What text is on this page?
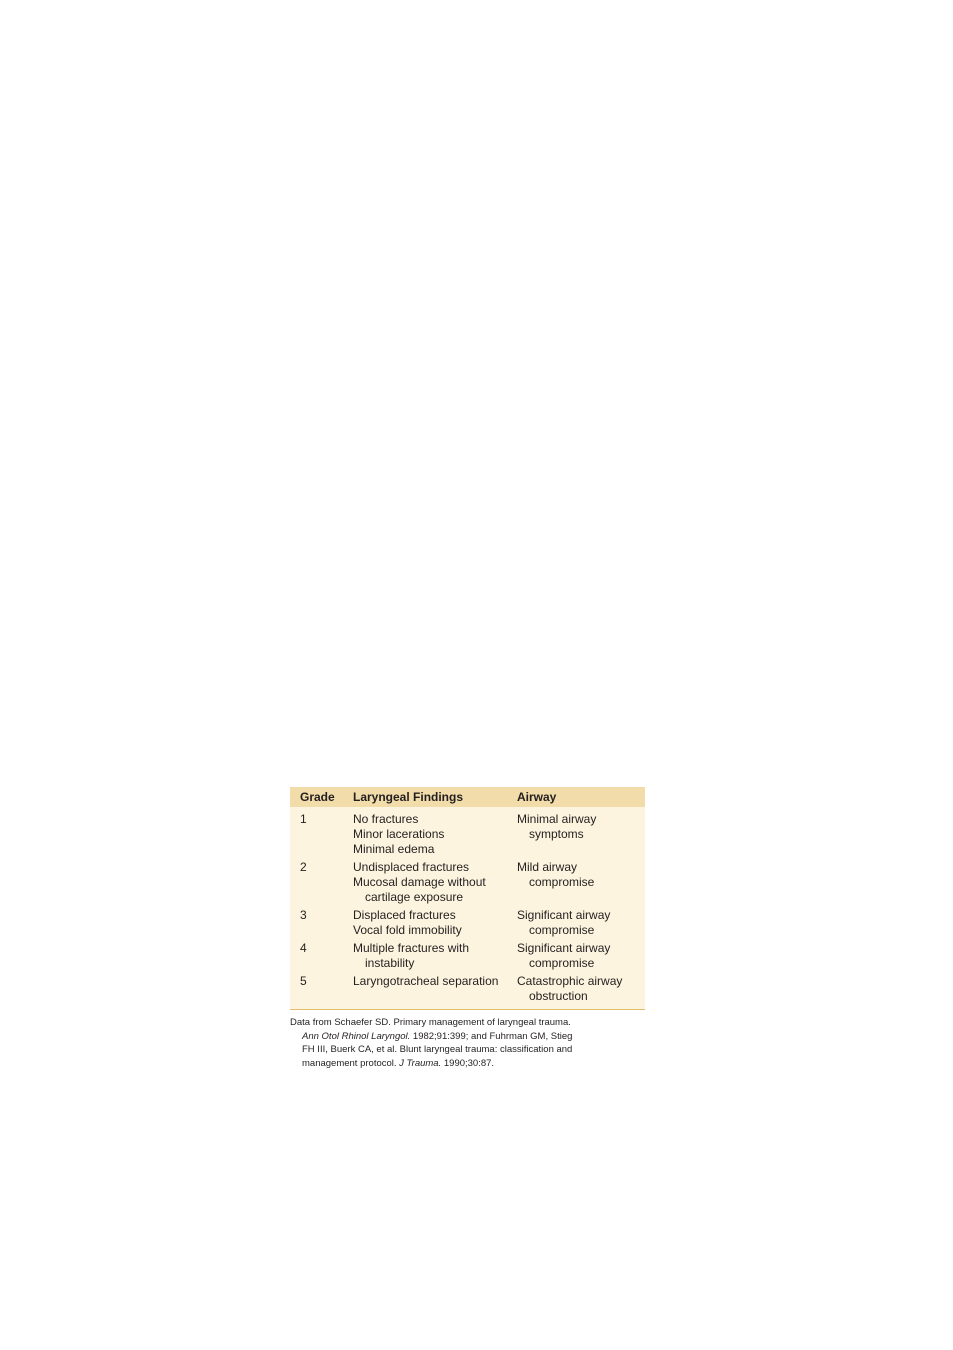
Grade	Laryngeal Findings	Airway
1	No fractures
Minor lacerations
Minimal edema	Minimal airway
symptoms

2	Undisplaced fractures
Mucosal damage without
cartilage exposure	Mild airway
compromise

3	Displaced fractures
Vocal fold immobility	Significant airway
compromise

4	Multiple fractures with
instability	Significant airway
compromise

5	Laryngotracheal separation	Catastrophic airway
obstruction
Data from Schaefer SD. Primary management of laryngeal trauma.
Ann Otol Rhinol Laryngol. 1982;91:399; and Fuhrman GM, Stieg
FH III, Buerk CA, et al. Blunt laryngeal trauma: classification and
management protocol. J Trauma. 1990;30:87.
